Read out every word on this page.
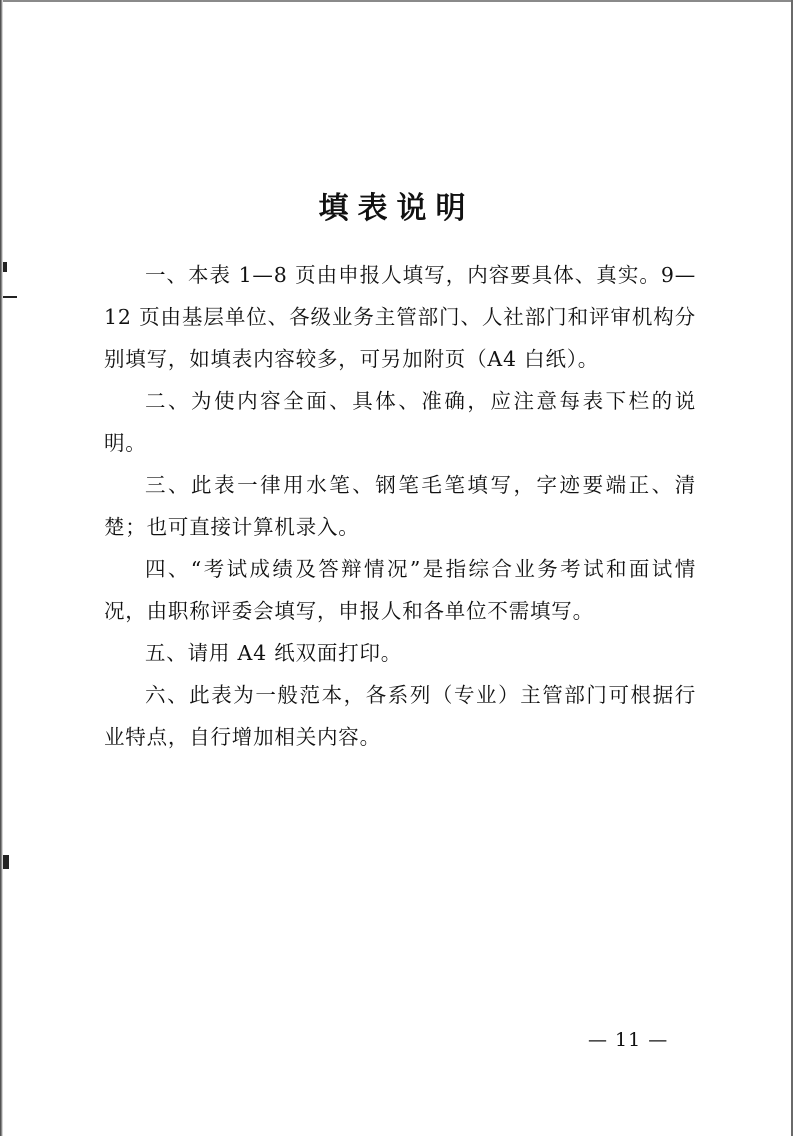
填表说明

一、本表 1—8 页由申报人填写，内容要具体、真实。9—12 页由基层单位、各级业务主管部门、人社部门和评审机构分别填写，如填表内容较多，可另加附页（A4 白纸）。

二、为使内容全面、具体、准确，应注意每表下栏的说明。

三、此表一律用水笔、钢笔毛笔填写，字迹要端正、清楚；也可直接计算机录入。

四、“考试成绩及答辩情况”是指综合业务考试和面试情况，由职称评委会填写，申报人和各单位不需填写。

五、请用 A4 纸双面打印。

六、此表为一般范本，各系列（专业）主管部门可根据行业特点，自行增加相关内容。

— 11 —
